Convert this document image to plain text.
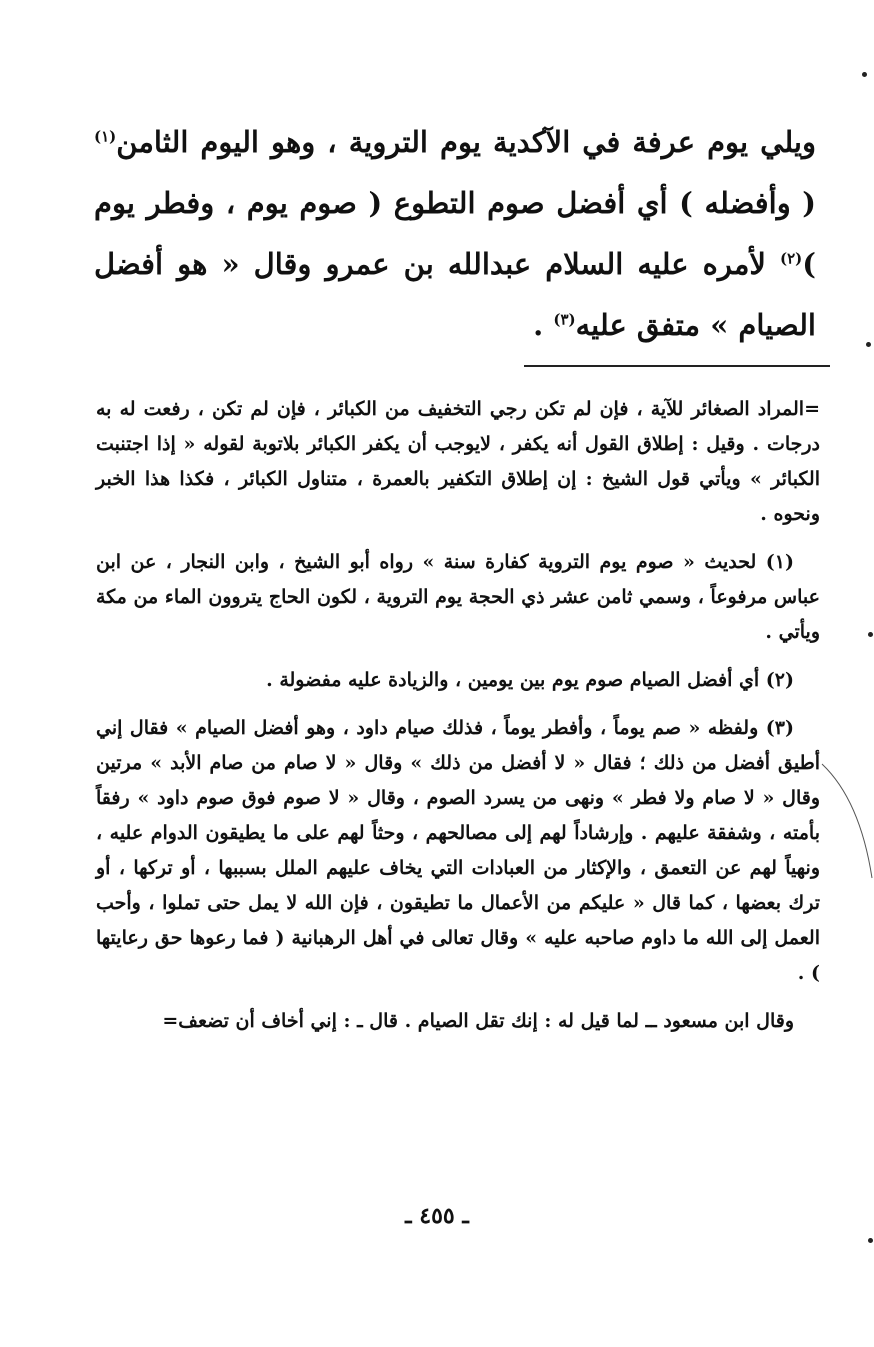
ويلي يوم عرفة في الآكدية يوم التروية ، وهو اليوم الثامن$^{(١)}$ ( وأفضله ) أي أفضل صوم التطوع ( صوم يوم ، وفطر يوم )$^{(٢)}$ لأمره عليه السلام عبدالله بن عمرو وقال « هو أفضل الصيام » متفق عليه$^{(٣)}$ .

=المراد الصغائر للآية ، فإن لم تكن رجي التخفيف من الكبائر ، فإن لم تكن ، رفعت له به درجات . وقيل : إطلاق القول أنه يكفر ، لايوجب أن يكفر الكبائر بلاتوبة لقوله « إذا اجتنبت الكبائر » ويأتي قول الشيخ : إن إطلاق التكفير بالعمرة ، متناول الكبائر ، فكذا هذا الخبر ونحوه .

(١) لحديث « صوم يوم التروية كفارة سنة » رواه أبو الشيخ ، وابن النجار ، عن ابن عباس مرفوعاً ، وسمي ثامن عشر ذي الحجة يوم التروية ، لكون الحاج يتروون الماء من مكة ويأتي .

(٢) أي أفضل الصيام صوم يوم بين يومين ، والزيادة عليه مفضولة .

(٣) ولفظه « صم يوماً ، وأفطر يوماً ، فذلك صيام داود ، وهو أفضل الصيام » فقال إني أطيق أفضل من ذلك ؛ فقال « لا أفضل من ذلك » وقال « لا صام من صام الأبد » مرتين وقال « لا صام ولا فطر » ونهى من يسرد الصوم ، وقال « لا صوم فوق صوم داود » رفقاً بأمته ، وشفقة عليهم . وإرشاداً لهم إلى مصالحهم ، وحثاً لهم على ما يطيقون الدوام عليه ، ونهياً لهم عن التعمق ، والإكثار من العبادات التي يخاف عليهم الملل بسببها ، أو تركها ، أو ترك بعضها ، كما قال « عليكم من الأعمال ما تطيقون ، فإن الله لا يمل حتى تملوا ، وأحب العمل إلى الله ما داوم صاحبه عليه » وقال تعالى في أهل الرهبانية ( فما رعوها حق رعايتها ) .

وقال ابن مسعود ــ لما قيل له : إنك تقل الصيام . قال ـ : إني أخاف أن تضعف=

ـ ٤٥٥ ـ
